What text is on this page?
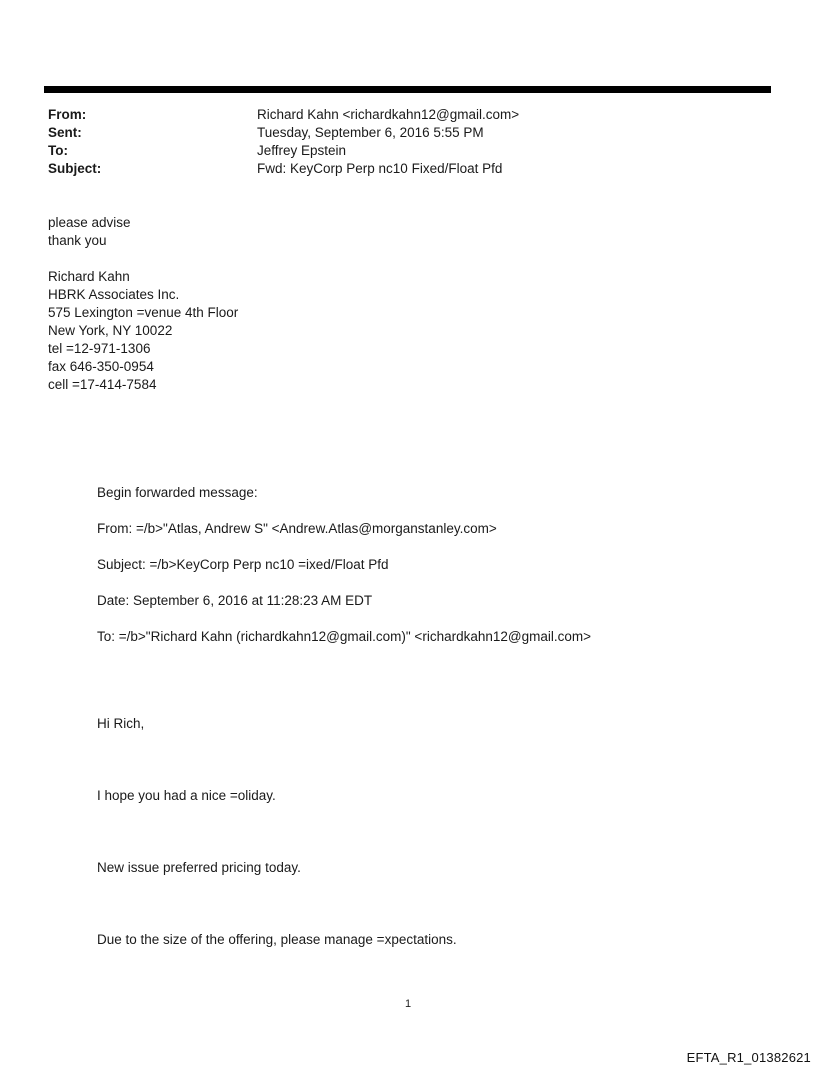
From:	Richard Kahn <richardkahn12@gmail.com>
Sent:	Tuesday, September 6, 2016 5:55 PM
To:	Jeffrey Epstein
Subject:	Fwd: KeyCorp Perp nc10 Fixed/Float Pfd
please advise
thank you
Richard Kahn
HBRK Associates Inc.
575 Lexington =venue 4th Floor
New York, NY 10022
tel =12-971-1306
fax 646-350-0954
cell =17-414-7584

Begin forwarded message:

From: =/b>"Atlas, Andrew S" <Andrew.Atlas@morganstanley.com>

Subject: =/b>KeyCorp Perp nc10 =ixed/Float Pfd

Date: September 6, 2016 at 11:28:23 AM EDT

To: =/b>"Richard Kahn (richardkahn12@gmail.com)" <richardkahn12@gmail.com>

Hi Rich,

I hope you had a nice =oliday.

New issue preferred pricing today.

Due to the size of the offering, please manage =xpectations.

1
EFTA_R1_01382621
